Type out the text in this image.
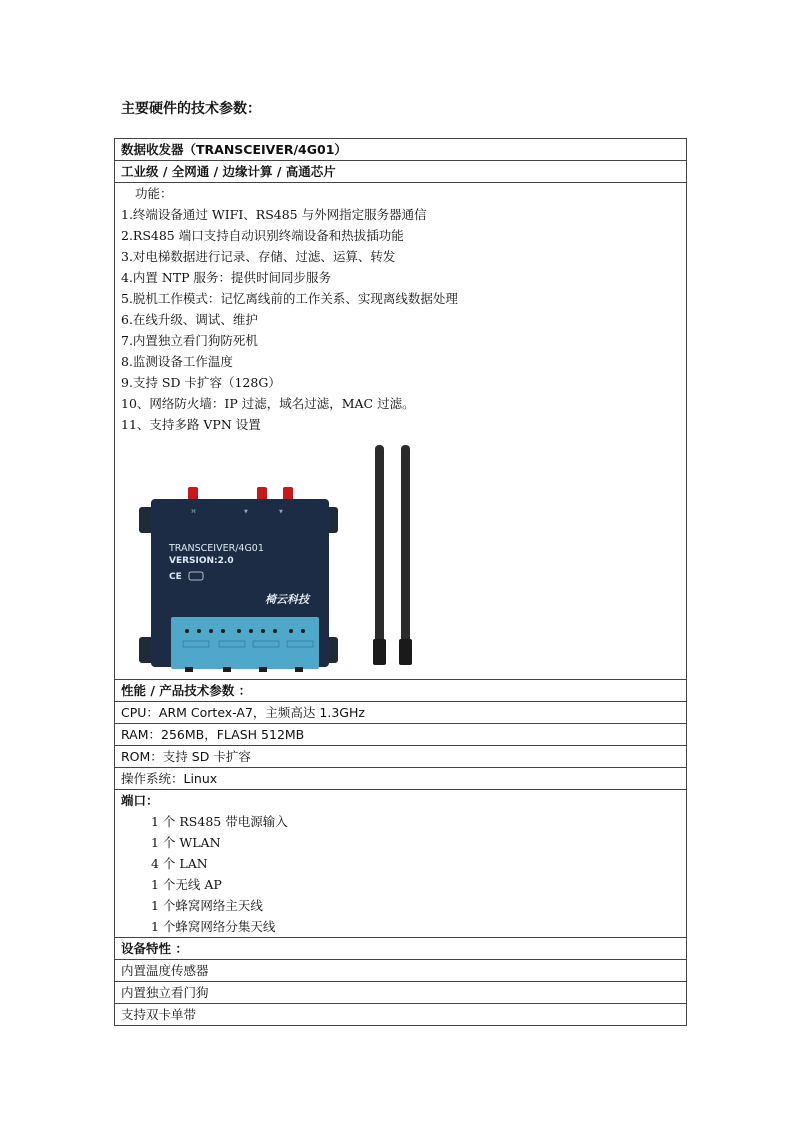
主要硬件的技术参数：
数据收发器（TRANSCEIVER/4G01）
工业级 / 全网通 / 边缘计算 / 高通芯片

功能：
1.终端设备通过 WIFI、RS485 与外网指定服务器通信
2.RS485 端口支持自动识别终端设备和热拔插功能
3.对电梯数据进行记录、存储、过滤、运算、转发
4.内置 NTP 服务：提供时间同步服务
5.脱机工作模式：记忆离线前的工作关系、实现离线数据处理
6.在线升级、调试、维护
7.内置独立看门狗防死机
8.监测设备工作温度
9.支持 SD 卡扩容（128G）
10、网络防火墙：IP 过滤，域名过滤，MAC 过滤。
11、支持多路 VPN 设置
⌘	▼	▼
TRANSCEIVER/4G01
VERSION:2.0
CE
椅云科技

性能 / 产品技术参数 ：
CPU：ARM Cortex-A7，主频高达 1.3GHz
RAM：256MB，FLASH 512MB
ROM：支持 SD 卡扩容
操作系统：Linux

端口：
1 个 RS485 带电源输入
1 个 WLAN
4 个 LAN
1 个无线 AP
1 个蜂窝网络主天线
1 个蜂窝网络分集天线

设备特性 ：
内置温度传感器
内置独立看门狗
支持双卡单带
